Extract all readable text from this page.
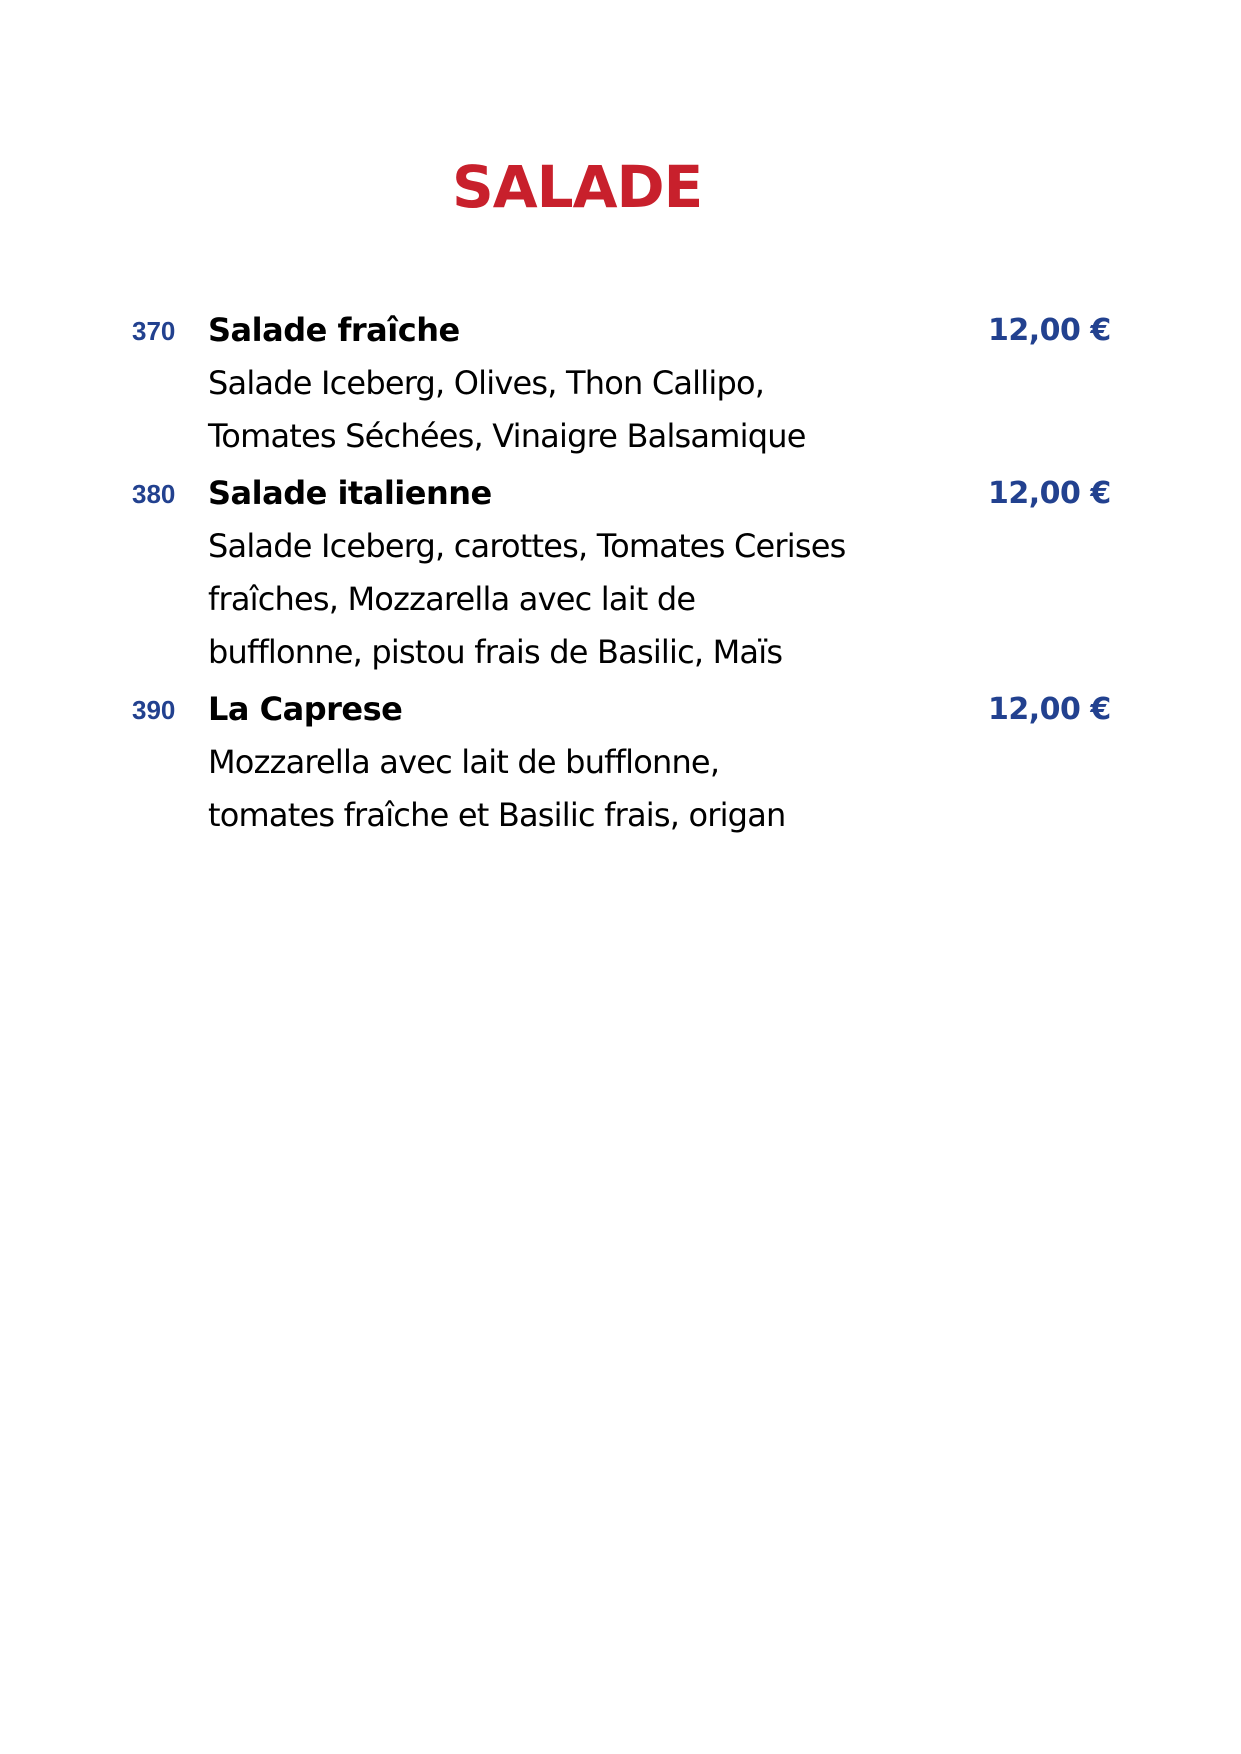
SALADE
370 Salade fraîche	12,00 €
Salade Iceberg, Olives, Thon Callipo,
Tomates Séchées, Vinaigre Balsamique
380 Salade italienne	12,00 €
Salade Iceberg, carottes, Tomates Cerises
fraîches, Mozzarella avec lait de
bufflonne, pistou frais de Basilic, Maïs
390 La Caprese	12,00 €
Mozzarella avec lait de bufflonne,
tomates fraîche et Basilic frais, origan
